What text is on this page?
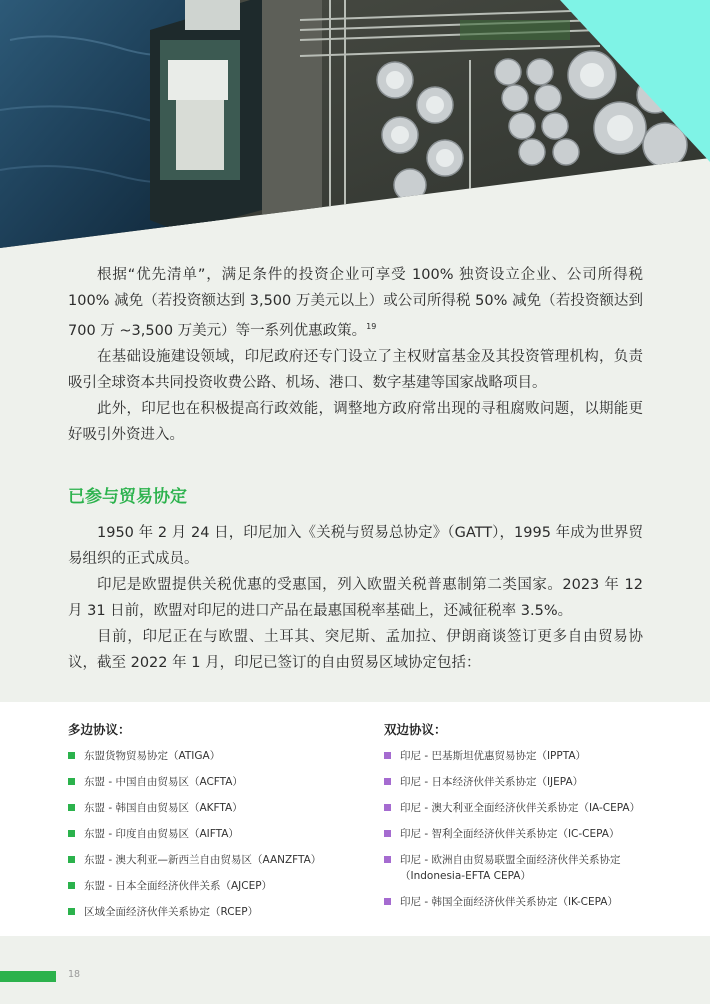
根据“优先清单”，满足条件的投资企业可享受 100% 独资设立企业、公司所得税 100% 减免（若投资额达到 3,500 万美元以上）或公司所得税 50% 减免（若投资额达到 700 万 ~3,500 万美元）等一系列优惠政策。$^{19}$

在基础设施建设领域，印尼政府还专门设立了主权财富基金及其投资管理机构，负责吸引全球资本共同投资收费公路、机场、港口、数字基建等国家战略项目。

此外，印尼也在积极提高行政效能，调整地方政府常出现的寻租腐败问题，以期能更好吸引外资进入。

已参与贸易协定

1950 年 2 月 24 日，印尼加入《关税与贸易总协定》（GATT），1995 年成为世界贸易组织的正式成员。

印尼是欧盟提供关税优惠的受惠国，列入欧盟关税普惠制第二类国家。2023 年 12 月 31 日前，欧盟对印尼的进口产品在最惠国税率基础上，还减征税率 3.5%。

目前，印尼正在与欧盟、土耳其、突尼斯、孟加拉、伊朗商谈签订更多自由贸易协议，截至 2022 年 1 月，印尼已签订的自由贸易区域协定包括：

多边协议：

东盟货物贸易协定（ATIGA）
东盟 - 中国自由贸易区（ACFTA）
东盟 - 韩国自由贸易区（AKFTA）
东盟 - 印度自由贸易区（AIFTA）
东盟 - 澳大利亚—新西兰自由贸易区（AANZFTA）
东盟 - 日本全面经济伙伴关系（AJCEP）
区域全面经济伙伴关系协定（RCEP）

双边协议：

印尼 - 巴基斯坦优惠贸易协定（IPPTA）
印尼 - 日本经济伙伴关系协定（IJEPA）
印尼 - 澳大利亚全面经济伙伴关系协定（IA-CEPA）
印尼 - 智利全面经济伙伴关系协定（IC-CEPA）
印尼 - 欧洲自由贸易联盟全面经济伙伴关系协定（Indonesia-EFTA CEPA）
印尼 - 韩国全面经济伙伴关系协定（IK-CEPA）
18
